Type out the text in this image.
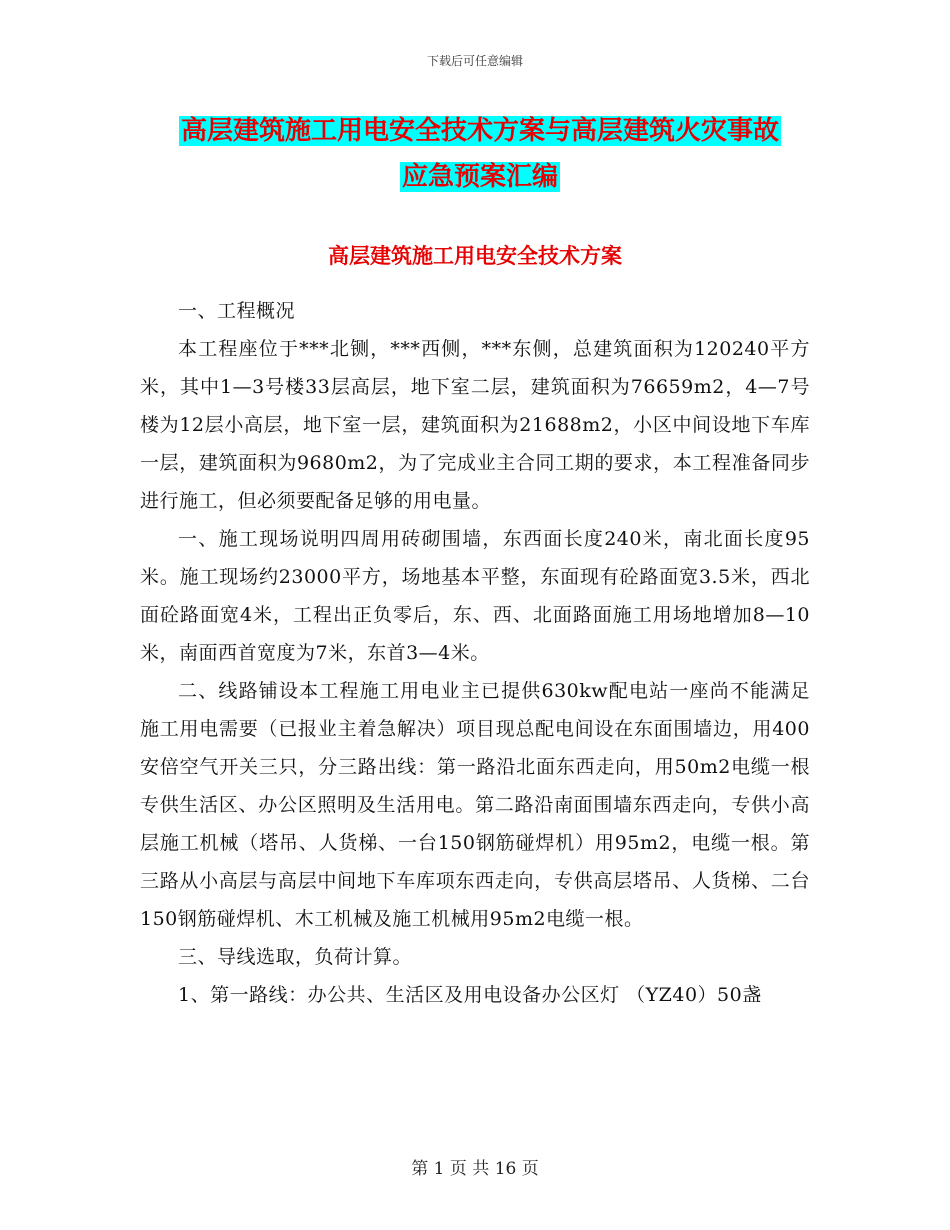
下载后可任意编辑
高层建筑施工用电安全技术方案与高层建筑火灾事故
应急预案汇编
高层建筑施工用电安全技术方案

一、工程概况

本工程座位于***北铡，***西侧，***东侧，总建筑面积为120240平方米，其中1—3号楼33层高层，地下室二层，建筑面积为76659m2，4—7号楼为12层小高层，地下室一层，建筑面积为21688m2，小区中间设地下车库一层，建筑面积为9680m2，为了完成业主合同工期的要求，本工程准备同步进行施工，但必须要配备足够的用电量。

一、施工现场说明四周用砖砌围墙，东西面长度240米，南北面长度95米。施工现场约23000平方，场地基本平整，东面现有砼路面宽3.5米，西北面砼路面宽4米，工程出正负零后，东、西、北面路面施工用场地增加8—10米，南面西首宽度为7米，东首3—4米。

二、线路铺设本工程施工用电业主已提供630kw配电站一座尚不能满足施工用电需要（已报业主着急解决）项目现总配电间设在东面围墙边，用400安倍空气开关三只，分三路出线：第一路沿北面东西走向，用50m2电缆一根专供生活区、办公区照明及生活用电。第二路沿南面围墙东西走向，专供小高层施工机械（塔吊、人货梯、一台150钢筋碰焊机）用95m2，电缆一根。第三路从小高层与高层中间地下车库项东西走向，专供高层塔吊、人货梯、二台150钢筋碰焊机、木工机械及施工机械用95m2电缆一根。

三、导线选取，负荷计算。

1、第一路线：办公共、生活区及用电设备办公区灯 （YZ40）50盏

第 1 页 共 16 页
